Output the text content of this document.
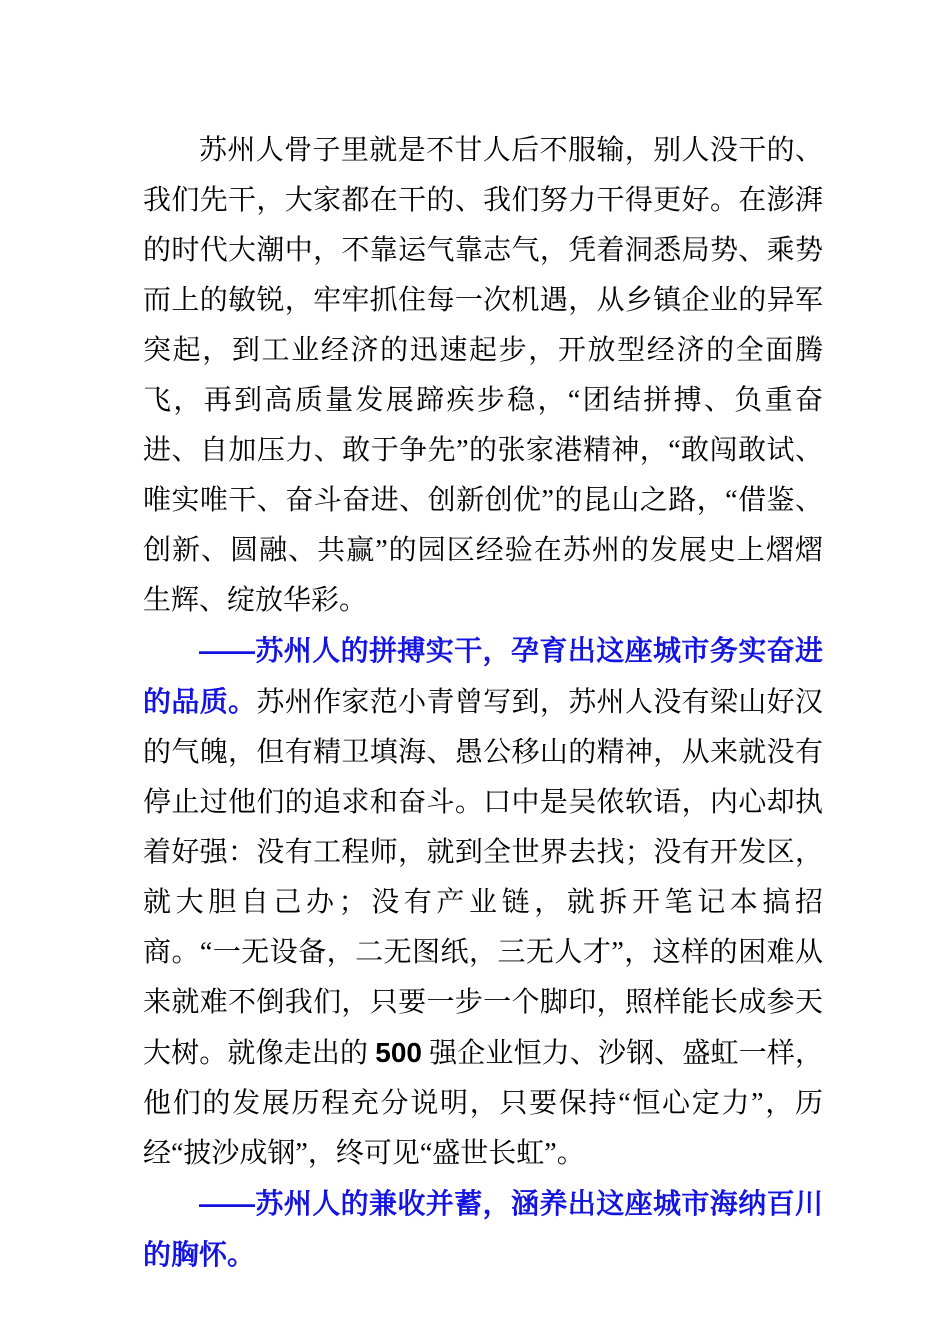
苏州人骨子里就是不甘人后不服输，别人没干的、我们先干，大家都在干的、我们努力干得更好。在澎湃的时代大潮中，不靠运气靠志气，凭着洞悉局势、乘势而上的敏锐，牢牢抓住每一次机遇，从乡镇企业的异军突起，到工业经济的迅速起步，开放型经济的全面腾飞，再到高质量发展蹄疾步稳，“团结拼搏、负重奋进、自加压力、敢于争先”的张家港精神，“敢闯敢试、唯实唯干、奋斗奋进、创新创优”的昆山之路，“借鉴、创新、圆融、共赢”的园区经验在苏州的发展史上熠熠生辉、绽放华彩。

——苏州人的拼搏实干，孕育出这座城市务实奋进的品质。苏州作家范小青曾写到，苏州人没有梁山好汉的气魄，但有精卫填海、愚公移山的精神，从来就没有停止过他们的追求和奋斗。口中是吴侬软语，内心却执着好强：没有工程师，就到全世界去找；没有开发区，就大胆自己办；没有产业链，就拆开笔记本搞招商。“一无设备，二无图纸，三无人才”，这样的困难从来就难不倒我们，只要一步一个脚印，照样能长成参天大树。就像走出的 500 强企业恒力、沙钢、盛虹一样，他们的发展历程充分说明，只要保持“恒心定力”，历经“披沙成钢”，终可见“盛世长虹”。

——苏州人的兼收并蓄，涵养出这座城市海纳百川的胸怀。
